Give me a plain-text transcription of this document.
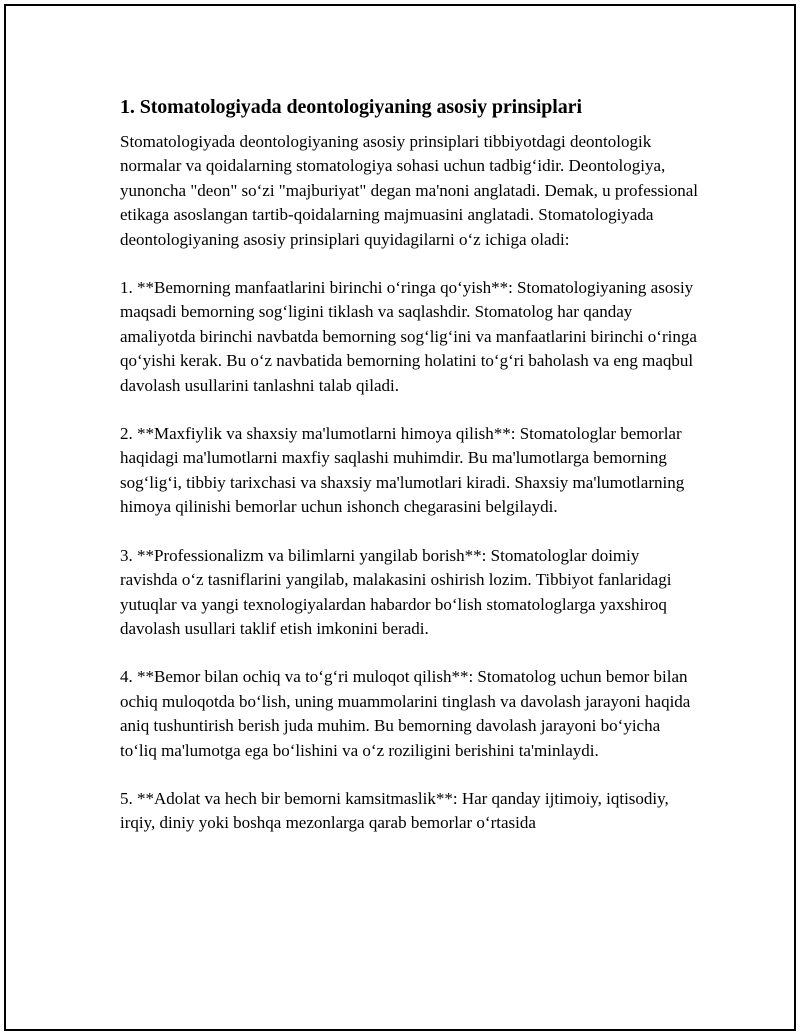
1. Stomatologiyada deontologiyaning asosiy prinsiplari

Stomatologiyada deontologiyaning asosiy prinsiplari tibbiyotdagi deontologik normalar va qoidalarning stomatologiya sohasi uchun tadbig‘idir. Deontologiya, yunoncha "deon" so‘zi "majburiyat" degan ma'noni anglatadi. Demak, u professional etikaga asoslangan tartib-qoidalarning majmuasini anglatadi. Stomatologiyada deontologiyaning asosiy prinsiplari quyidagilarni o‘z ichiga oladi:

1. **Bemorning manfaatlarini birinchi o‘ringa qo‘yish**: Stomatologiyaning asosiy maqsadi bemorning sog‘ligini tiklash va saqlashdir. Stomatolog har qanday amaliyotda birinchi navbatda bemorning sog‘lig‘ini va manfaatlarini birinchi o‘ringa qo‘yishi kerak. Bu o‘z navbatida bemorning holatini to‘g‘ri baholash va eng maqbul davolash usullarini tanlashni talab qiladi.

2. **Maxfiylik va shaxsiy ma'lumotlarni himoya qilish**: Stomatologlar bemorlar haqidagi ma'lumotlarni maxfiy saqlashi muhimdir. Bu ma'lumotlarga bemorning sog‘lig‘i, tibbiy tarixchasi va shaxsiy ma'lumotlari kiradi. Shaxsiy ma'lumotlarning himoya qilinishi bemorlar uchun ishonch chegarasini belgilaydi.

3. **Professionalizm va bilimlarni yangilab borish**: Stomatologlar doimiy ravishda o‘z tasniflarini yangilab, malakasini oshirish lozim. Tibbiyot fanlaridagi yutuqlar va yangi texnologiyalardan habardor bo‘lish stomatologlarga yaxshiroq davolash usullari taklif etish imkonini beradi.

4. **Bemor bilan ochiq va to‘g‘ri muloqot qilish**: Stomatolog uchun bemor bilan ochiq muloqotda bo‘lish, uning muammolarini tinglash va davolash jarayoni haqida aniq tushuntirish berish juda muhim. Bu bemorning davolash jarayoni bo‘yicha to‘liq ma'lumotga ega bo‘lishini va o‘z roziligini berishini ta'minlaydi.

5. **Adolat va hech bir bemorni kamsitmaslik**: Har qanday ijtimoiy, iqtisodiy, irqiy, diniy yoki boshqa mezonlarga qarab bemorlar o‘rtasida
